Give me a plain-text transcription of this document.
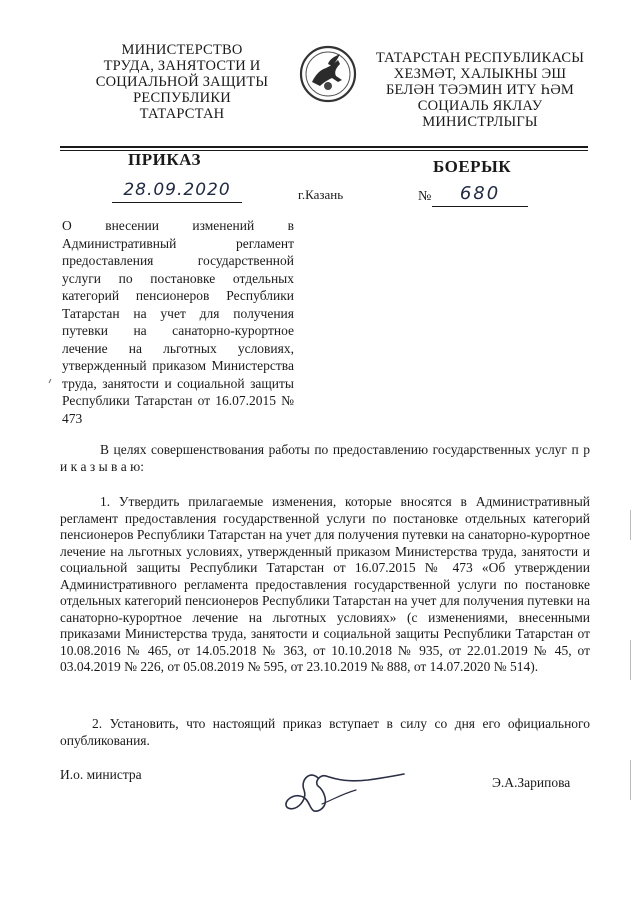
МИНИСТЕРСТВО
ТРУДА, ЗАНЯТОСТИ И
СОЦИАЛЬНОЙ ЗАЩИТЫ
РЕСПУБЛИКИ
ТАТАРСТАН
ТАТАРСТАН РЕСПУБЛИКАСЫ
ХЕЗМӘТ, ХАЛЫКНЫ ЭШ
БЕЛӘН ТӘЭМИН ИТҮ ҺӘМ
СОЦИАЛЬ ЯКЛАУ
МИНИСТРЛЫГЫ
ПРИКАЗ	БОЕРЫК
28.09.2020	г.Казань	№	680
О внесении изменений в Административный регламент предоставления государственной услуги по постановке отдельных категорий пенсионеров Республики Татарстан на учет для получения путевки на санаторно-курортное лечение на льготных условиях, утвержденный приказом Министерства труда, занятости и социальной защиты Республики Татарстан от 16.07.2015 № 473
В целях совершенствования работы по предоставлению государственных услуг п р и к а з ы в а ю:
1. Утвердить прилагаемые изменения, которые вносятся в Административный регламент предоставления государственной услуги по постановке отдельных категорий пенсионеров Республики Татарстан на учет для получения путевки на санаторно-курортное лечение на льготных условиях, утвержденный приказом Министерства труда, занятости и социальной защиты Республики Татарстан от 16.07.2015 № 473 «Об утверждении Административного регламента предоставления государственной услуги по постановке отдельных категорий пенсионеров Республики Татарстан на учет для получения путевки на санаторно-курортное лечение на льготных условиях» (с изменениями, внесенными приказами Министерства труда, занятости и социальной защиты Республики Татарстан от 10.08.2016 № 465, от 14.05.2018 № 363, от 10.10.2018 № 935, от 22.01.2019 № 45, от 03.04.2019 № 226, от 05.08.2019 № 595, от 23.10.2019 № 888, от 14.07.2020 № 514).
2. Установить, что настоящий приказ вступает в силу со дня его официального опубликования.
И.о. министра
Э.А.Зарипова
